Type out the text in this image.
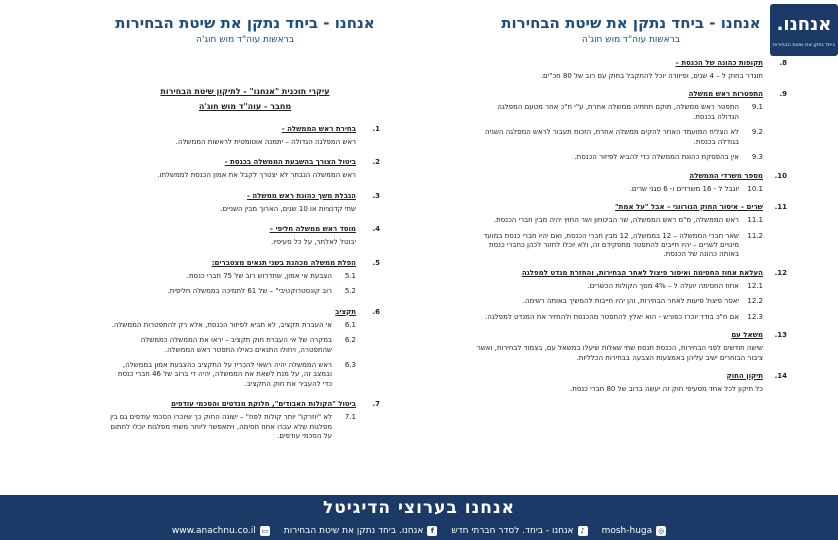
אנחנו - ביחד נתקן את שיטת הבחירות
בראשות עוה"ד מוש חוג'ה
עיקרי תוכנית "אנחנו" - לתיקון שיטת הבחירות
מחבר - עוה"ד מוש חוג'ה
1.
בחירת ראש הממשלה -
ראש המפלגה הגדולה – יתמנה אוטומטית לראשות הממשלה.
2.
ביטול הצורך בהשבעת הממשלה בכנסת -
ראש הממשלה הנבחר לא יצטרך לקבל את אמון הכנסת לממשלתו.
3.
הגבלת משך כהונת ראש ממשלה -
שתי קדנציות או 10 שנים, הארוך מבין השניים.
4.
מוסד ראש ממשלה חליפי –
יבוטל לאלתר, על כל סעיפיו.
5.
הפלת ממשלה מכהנת בשני תנאים מצטברים:
5.1
הצבעת אי אמון, שתדרוש רוב של 75 חברי כנסת.
5.2
רוב קונסטרוקטיבי" – של 61 לתמיכה בממשלה חליפית.
6.
תקציב
6.1
אי העברת תקציב, לא תביא לפיזור הכנסת, אלא רק להתפטרות הממשלה.
6.2
במקרה של אי העברת חוק תקציב – יראו את הממשלה כממשלה שהתפטרה, ויחולו התנאים כאילו התפטר ראש הממשלה.
6.3
ראש הממשלה יהיה רשאי להכריז על התקציב כהצבעת אמון בממשלה, ובמצב זה, על מנת לשאת את הממשלה, יהיה די ברוב של 46 חברי כנסת כדי להעביר את חוק התקציב.
7.
ביטול "הקולות האבודים", חלוקת מנדטים והסכמי עודפים
7.1
לא "יוזרקו" יותר קולות לפח" – ישונה החוק כך שיוכרו הסכמי עודפים גם בין מפלגות שלא עברו אחוז חסימה, ויתאפשר ליותר משתי מפלגות יוכלו לחתום על הסכמי עודפים.
אנחנו - ביחד נתקן את שיטת הבחירות
בראשות עוה"ד מוש חוג'ה
8.
תקופות כהונה של הכנסת –
תוגדר בחוק ל – 4 שנים, ופיזורה יוכל להתקבל בחוק עם רוב של 80 חכ"ים.
9.
התפטרות ראש ממשלה
9.1
התפטר ראש ממשלה, תוקם תחתיה ממשלה אחרת, ע"י ח"כ אחר מטעם המפלגה הגדולה בכנסת.
9.2
לא הצליח המועמד האחר להקים ממשלה אחרת, הזכות תעבור לראש המפלגה השניה בגודלה בכנסת.
9.3
אין בהפסקת כהונת הממשלה כדי להביא לפיזור הכנסת.
10.
מספר משרדי הממשלה
10.1
יוגבל ל - 16 משרדים ו- 6 סגני שרים.
11.
שרים – איסור החוק הנורווגי – אבל "על אמת"
11.1
ראש הממשלה, מ"מ ראש הממשלה, שר הביטחון ושר החוץ יהיה מבין חברי הכנסת.
11.2
שאר חברי הממשלה – 12 בממשלה, 12 מבין חברי הכנסת, ואם יהיו חברי כנסת במועד מינויים לשרים – יהיו חייבים להתפטר מתפקידם זה, ולא יוכלו לחזור לכהן כחברי כנסת באותה כהונה של הכנסת.
12.
העלאת אחוז החסימה ואיסור פיצול לאחר הבחירות, והחזרת מנדט למפלגה
12.1
אחוז החסימה יועלה ל – 4% מסך הקולות הכשרים.
12.2
יאסר פיצול סיעות לאחר הבחירות, והן יהיו חייבות להמשיך באותה רשימה.
12.3
אם ח"כ בודד יוכרז כפורש - הוא יאלץ להתפטר מהכנסת ולהחזיר את המנדט למפלגה.
13.
משאל עם
שישה חודשים לפני הבחירות, הכנסת תנסח שתי שאלות שיעלו במשאל עם, בצמוד לבחירות, ואשר ציבור הבוחרים ישיב עליהן באמצעות הצבעה בבחירות הכלליות.
14.
תיקון החוק
כל תיקון לכל אחד מסעיפי חוק זה יעשה ברוב של 80 חברי כנסת.
אנחנו.
ביחד נתקן את שיטת הבחירות
אנחנו בערוצי הדיגיטל
◎
mosh-huga
♪
אנחנו - ביחד. לסדר חברתי חדש
f
אנחנו. ביחד נתקן את שיטת הבחירות
▭
www.anachnu.co.il
